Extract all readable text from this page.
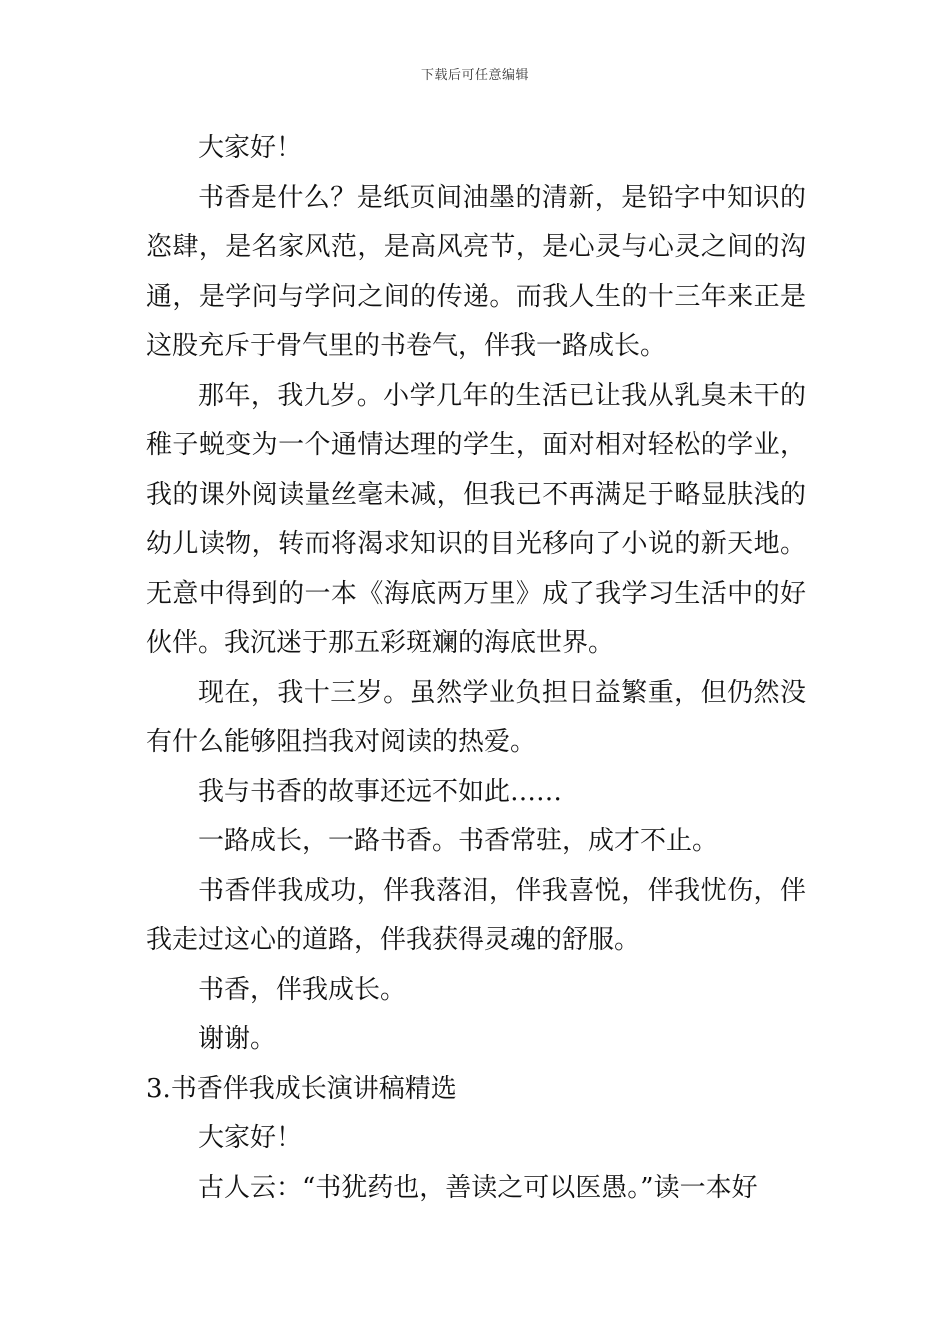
下载后可任意编辑

大家好！

书香是什么？是纸页间油墨的清新，是铅字中知识的恣肆，是名家风范，是高风亮节，是心灵与心灵之间的沟通，是学问与学问之间的传递。而我人生的十三年来正是这股充斥于骨气里的书卷气，伴我一路成长。

那年，我九岁。小学几年的生活已让我从乳臭未干的稚子蜕变为一个通情达理的学生，面对相对轻松的学业，我的课外阅读量丝毫未减，但我已不再满足于略显肤浅的幼儿读物，转而将渴求知识的目光移向了小说的新天地。无意中得到的一本《海底两万里》成了我学习生活中的好伙伴。我沉迷于那五彩斑斓的海底世界。

现在，我十三岁。虽然学业负担日益繁重，但仍然没有什么能够阻挡我对阅读的热爱。

我与书香的故事还远不如此……

一路成长，一路书香。书香常驻，成才不止。

书香伴我成功，伴我落泪，伴我喜悦，伴我忧伤，伴我走过这心的道路，伴我获得灵魂的舒服。

书香，伴我成长。

谢谢。

3.书香伴我成长演讲稿精选

大家好！

古人云：“书犹药也，善读之可以医愚。”读一本好
